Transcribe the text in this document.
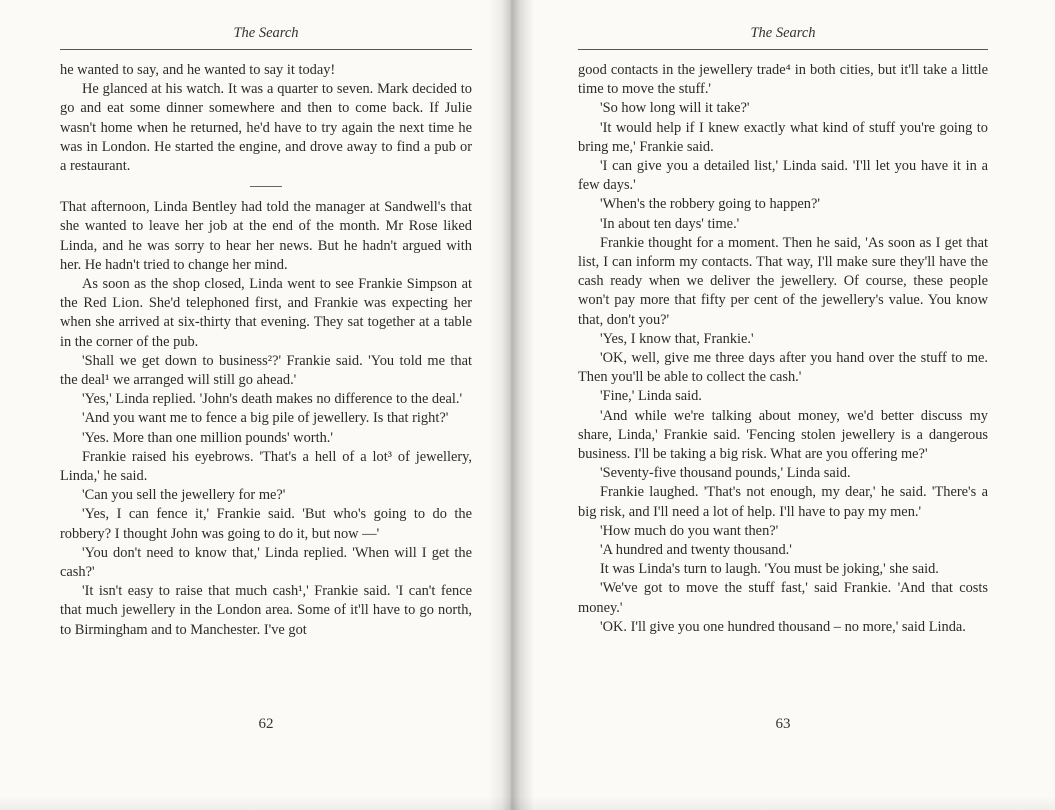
The Search

he wanted to say, and he wanted to say it today!

He glanced at his watch. It was a quarter to seven. Mark decided to go and eat some dinner somewhere and then to come back. If Julie wasn't home when he returned, he'd have to try again the next time he was in London. He started the engine, and drove away to find a pub or a restaurant.

That afternoon, Linda Bentley had told the manager at Sandwell's that she wanted to leave her job at the end of the month. Mr Rose liked Linda, and he was sorry to hear her news. But he hadn't argued with her. He hadn't tried to change her mind.

As soon as the shop closed, Linda went to see Frankie Simpson at the Red Lion. She'd telephoned first, and Frankie was expecting her when she arrived at six-thirty that evening. They sat together at a table in the corner of the pub.

'Shall we get down to business²?' Frankie said. 'You told me that the deal¹ we arranged will still go ahead.'

'Yes,' Linda replied. 'John's death makes no difference to the deal.'

'And you want me to fence a big pile of jewellery. Is that right?'

'Yes. More than one million pounds' worth.'

Frankie raised his eyebrows. 'That's a hell of a lot³ of jewellery, Linda,' he said.

'Can you sell the jewellery for me?'

'Yes, I can fence it,' Frankie said. 'But who's going to do the robbery? I thought John was going to do it, but now —'

'You don't need to know that,' Linda replied. 'When will I get the cash?'

'It isn't easy to raise that much cash¹,' Frankie said. 'I can't fence that much jewellery in the London area. Some of it'll have to go north, to Birmingham and to Manchester. I've got

62
The Search

good contacts in the jewellery trade⁴ in both cities, but it'll take a little time to move the stuff.'

'So how long will it take?'

'It would help if I knew exactly what kind of stuff you're going to bring me,' Frankie said.

'I can give you a detailed list,' Linda said. 'I'll let you have it in a few days.'

'When's the robbery going to happen?'

'In about ten days' time.'

Frankie thought for a moment. Then he said, 'As soon as I get that list, I can inform my contacts. That way, I'll make sure they'll have the cash ready when we deliver the jewellery. Of course, these people won't pay more that fifty per cent of the jewellery's value. You know that, don't you?'

'Yes, I know that, Frankie.'

'OK, well, give me three days after you hand over the stuff to me. Then you'll be able to collect the cash.'

'Fine,' Linda said.

'And while we're talking about money, we'd better discuss my share, Linda,' Frankie said. 'Fencing stolen jewellery is a dangerous business. I'll be taking a big risk. What are you offering me?'

'Seventy-five thousand pounds,' Linda said.

Frankie laughed. 'That's not enough, my dear,' he said. 'There's a big risk, and I'll need a lot of help. I'll have to pay my men.'

'How much do you want then?'

'A hundred and twenty thousand.'

It was Linda's turn to laugh. 'You must be joking,' she said.

'We've got to move the stuff fast,' said Frankie. 'And that costs money.'

'OK. I'll give you one hundred thousand – no more,' said Linda.

63
